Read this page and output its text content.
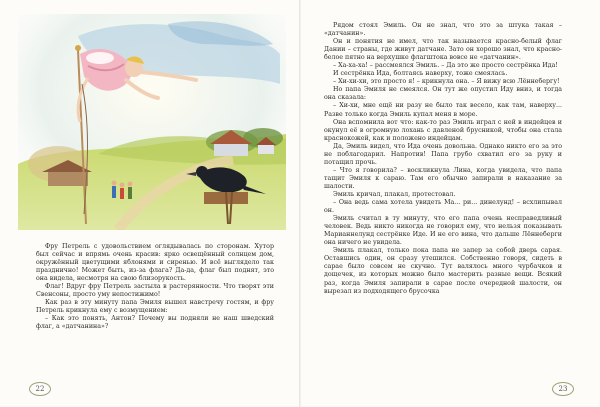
Фру Петрель с удовольствием оглядывалась по сторонам. Хутор был сейчас и впрямь очень красив: ярко освещённый солнцем дом, окружённый цветущими яблонями и сиренью. И всё выглядело так празднично! Может быть, из-за флага? Да-да, флаг был поднят, это она видела, несмотря на свою близорукость.

Флаг! Вдруг фру Петрель застыла в растерянности. Что творят эти Свенсоны, просто уму непостижимо!

Как раз в эту минуту папа Эмиля вышел навстречу гостям, и фру Петрель крикнула ему с возмущением:

– Как это понять, Антон? Почему вы подняли не наш шведский флаг, а «датчанина»?

22

Рядом стоял Эмиль. Он не знал, что это за штука такая – «датчанин».

Он и понятия не имел, что так называется красно-белый флаг Дании – страны, где живут датчане. Зато он хорошо знал, что красно-белое пятно на верхушке флагштока вовсе не «датчанин».

– Ха-ха-ха! – рассмеялся Эмиль. – Да это же просто сестрёнка Ида!

И сестрёнка Ида, болтаясь наверху, тоже смеялась.

– Хи-хи-хи, это просто я! – крикнула она. – Я вижу всю Лённебергу!

Но папа Эмиля не смеялся. Он тут же опустил Иду вниз, и тогда она сказала:

– Хи-хи, мне ещё ни разу не было так весело, как там, наверху... Разве только когда Эмиль купал меня в море.

Она вспомнила вот что: как-то раз Эмиль играл с ней в индейцев и окунул её в огромную лохань с давленой брусникой, чтобы она стала краснокожей, как и положено индейцам.

Да, Эмиль видел, что Ида очень довольна. Однако никто его за это не поблагодарил. Напротив! Папа грубо схватил его за руку и потащил прочь.

– Что я говорила? – воскликнула Лина, когда увидела, что папа тащит Эмиля к сараю. Там его обычно запирали в наказание за шалости.

Эмиль кричал, плакал, протестовал.

– Она ведь сама хотела увидеть Ма... ри... динелунд! – всхлипывал он.

Эмиль считал в ту минуту, что его папа очень несправедливый человек. Ведь никто никогда не говорил ему, что нельзя показывать Марианнелунд сестрёнке Иде. И не его вина, что дальше Лённеберги она ничего не увидела.

Эмиль плакал, только пока папа не запер за собой дверь сарая. Оставшись один, он сразу утешился. Собственно говоря, сидеть в сарае было совсем не скучно. Тут валялось много чурбачков и дощечек, из которых можно было мастерить разные вещи. Всякий раз, когда Эмиля запирали в сарае после очередной шалости, он вырезал из подходящего брусочка

23
